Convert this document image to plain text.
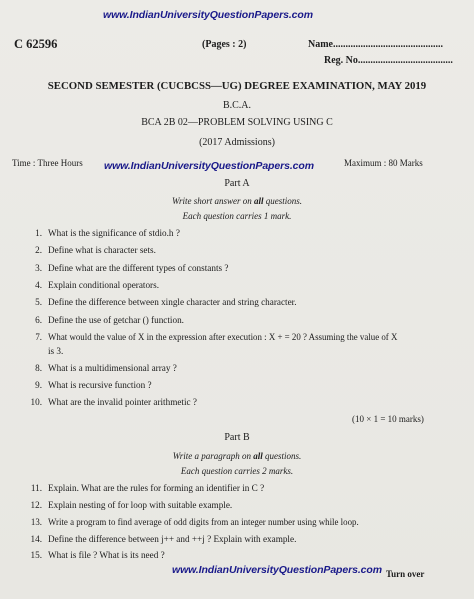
www.IndianUniversityQuestionPapers.com
C 62596	(Pages : 2)	Name............................................
Reg. No......................................
SECOND SEMESTER (CUCBCSS—UG) DEGREE EXAMINATION, MAY 2019
B.C.A.
BCA 2B 02—PROBLEM SOLVING USING C
(2017 Admissions)
Time : Three Hours www.IndianUniversityQuestionPapers.com	Maximum : 80 Marks
Part A
Write short answer on all questions.
Each question carries 1 mark.
1. What is the significance of stdio.h ?
2. Define what is character sets.
3. Define what are the different types of constants ?
4. Explain conditional operators.
5. Define the difference between xingle character and string character.
6. Define the use of getchar () function.
7. What would the value of X in the expression after execution : X + = 20 ? Assuming the value of X
is 3.
8. What is a multidimensional array ?
9. What is recursive function ?
10. What are the invalid pointer arithmetic ?
(10 × 1 = 10 marks)
Part B
Write a paragraph on all questions.
Each question carries 2 marks.
11. Explain. What are the rules for forming an identifier in C ?
12. Explain nesting of for loop with suitable example.
13. Write a program to find average of odd digits from an integer number using while loop.
14. Define the difference between j++ and ++j ? Explain with example.
15. What is file ? What is its need ?
www.IndianUniversityQuestionPapers.com Turn over
